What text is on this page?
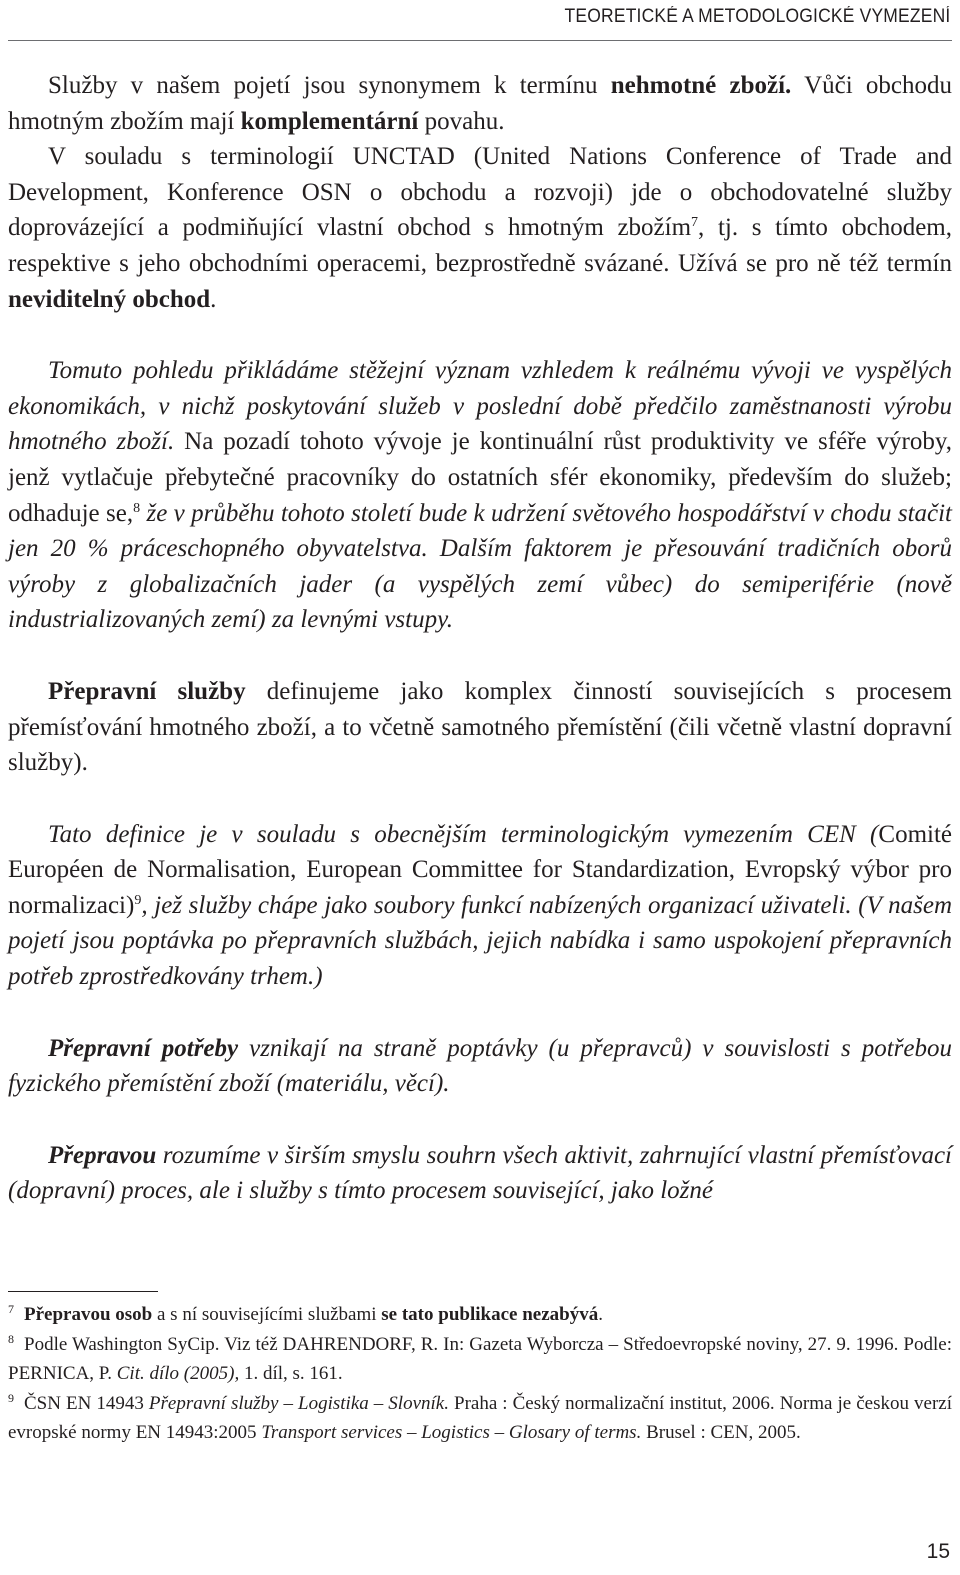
TEORETICKÉ A METODOLOGICKÉ VYMEZENÍ

Služby v našem pojetí jsou synonymem k termínu nehmotné zboží. Vůči obchodu hmotným zbožím mají komplementární povahu.

V souladu s terminologií UNCTAD (United Nations Conference of Trade and Development, Konference OSN o obchodu a rozvoji) jde o obchodovatelné služby doprovázející a podmiňující vlastní obchod s hmotným zbožím$^7$, tj. s tímto obchodem, respektive s jeho obchodními operacemi, bezprostředně svázané. Užívá se pro ně též termín neviditelný obchod.

Tomuto pohledu přikládáme stěžejní význam vzhledem k reálnému vývoji ve vyspělých ekonomikách, v nichž poskytování služeb v poslední době předčilo zaměstnanosti výrobu hmotného zboží. Na pozadí tohoto vývoje je kontinuální růst produktivity ve sféře výroby, jenž vytlačuje přebytečné pracovníky do ostatních sfér ekonomiky, především do služeb; odhaduje se,$^8$ že v průběhu tohoto století bude k udržení světového hospodářství v chodu stačit jen 20 % práceschopného obyvatelstva. Dalším faktorem je přesouvání tradičních oborů výroby z globalizačních jader (a vyspělých zemí vůbec) do semiperiférie (nově industrializovaných zemí) za levnými vstupy.

Přepravní služby definujeme jako komplex činností souvisejících s procesem přemísťování hmotného zboží, a to včetně samotného přemístění (čili včetně vlastní dopravní služby).

Tato definice je v souladu s obecnějším terminologickým vymezením CEN (Comité Européen de Normalisation, European Committee for Standardization, Evropský výbor pro normalizaci)$^9$, jež služby chápe jako soubory funkcí nabízených organizací uživateli. (V našem pojetí jsou poptávka po přepravních službách, jejich nabídka i samo uspokojení přepravních potřeb zprostředkovány trhem.)

Přepravní potřeby vznikají na straně poptávky (u přepravců) v souvislosti s potřebou fyzického přemístění zboží (materiálu, věcí).

Přepravou rozumíme v širším smyslu souhrn všech aktivit, zahrnující vlastní přemísťovací (dopravní) proces, ale i služby s tímto procesem související, jako ložné

$^7$ Přepravou osob a s ní souvisejícími službami se tato publikace nezabývá.

$^8$ Podle Washington SyCip. Viz též DAHRENDORF, R. In: Gazeta Wyborcza – Středoevropské noviny, 27. 9. 1996. Podle: PERNICA, P. Cit. dílo (2005), 1. díl, s. 161.

$^9$ ČSN EN 14943 Přepravní služby – Logistika – Slovník. Praha : Český normalizační institut, 2006. Norma je českou verzí evropské normy EN 14943:2005 Transport services – Logistics – Glosary of terms. Brusel : CEN, 2005.

15
